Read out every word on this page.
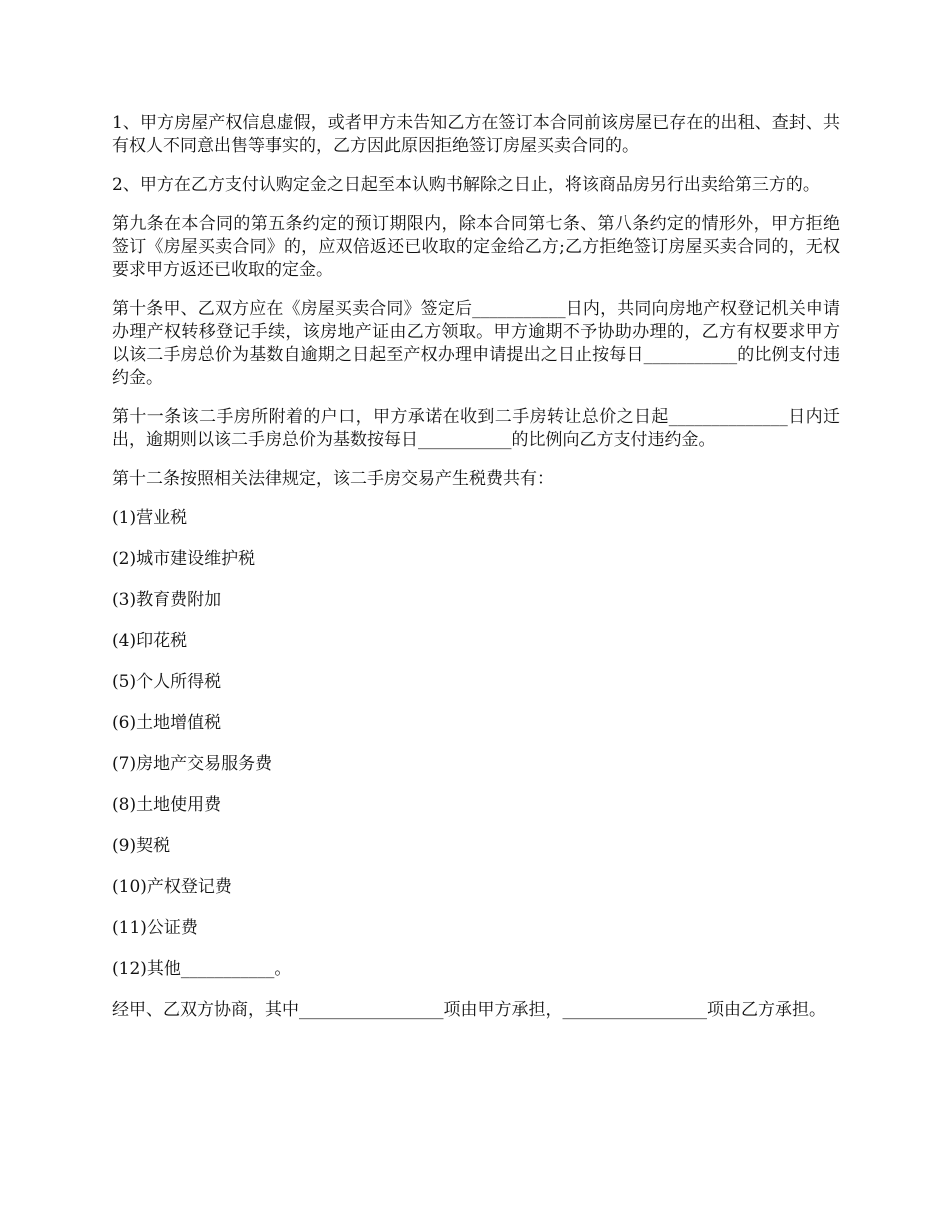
1、甲方房屋产权信息虚假，或者甲方未告知乙方在签订本合同前该房屋已存在的出租、查封、共有权人不同意出售等事实的，乙方因此原因拒绝签订房屋买卖合同的。

2、甲方在乙方支付认购定金之日起至本认购书解除之日止，将该商品房另行出卖给第三方的。

第九条在本合同的第五条约定的预订期限内，除本合同第七条、第八条约定的情形外，甲方拒绝签订《房屋买卖合同》的，应双倍返还已收取的定金给乙方;乙方拒绝签订房屋买卖合同的，无权要求甲方返还已收取的定金。

第十条甲、乙双方应在《房屋买卖合同》签定后___________日内，共同向房地产权登记机关申请办理产权转移登记手续，该房地产证由乙方领取。甲方逾期不予协助办理的，乙方有权要求甲方以该二手房总价为基数自逾期之日起至产权办理申请提出之日止按每日___________的比例支付违约金。

第十一条该二手房所附着的户口，甲方承诺在收到二手房转让总价之日起______________日内迁出，逾期则以该二手房总价为基数按每日___________的比例向乙方支付违约金。

第十二条按照相关法律规定，该二手房交易产生税费共有：

(1)营业税

(2)城市建设维护税

(3)教育费附加

(4)印花税

(5)个人所得税

(6)土地增值税

(7)房地产交易服务费

(8)土地使用费

(9)契税

(10)产权登记费

(11)公证费

(12)其他___________。

经甲、乙双方协商，其中_________________项由甲方承担，_________________项由乙方承担。
